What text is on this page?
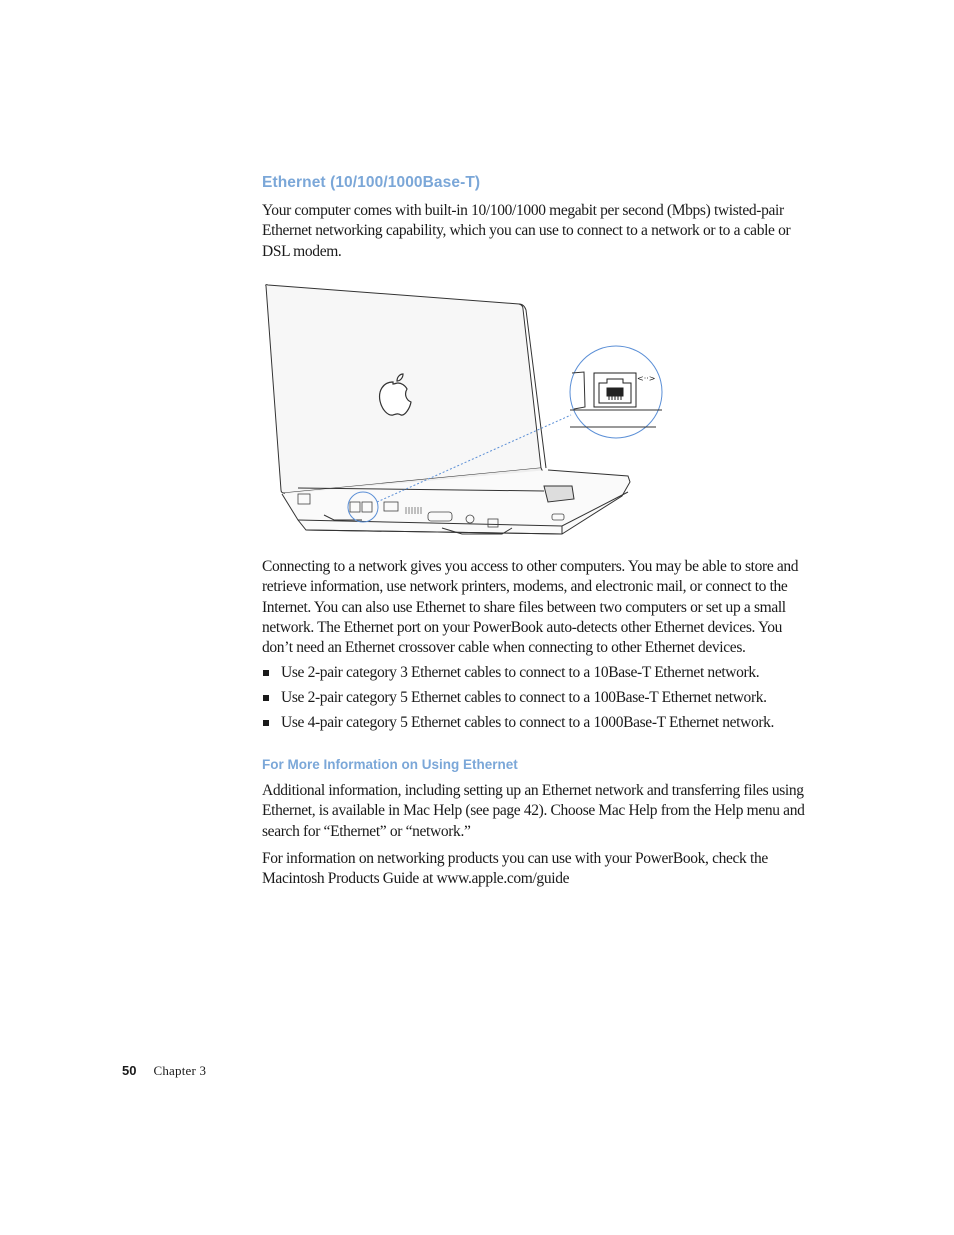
Ethernet (10/100/1000Base-T)

Your computer comes with built-in 10/100/1000 megabit per second (Mbps) twisted-pair Ethernet networking capability, which you can use to connect to a network or to a cable or DSL modem.

<··>

Connecting to a network gives you access to other computers. You may be able to store and retrieve information, use network printers, modems, and electronic mail, or connect to the Internet. You can also use Ethernet to share files between two computers or set up a small network. The Ethernet port on your PowerBook auto-detects other Ethernet devices. You don’t need an Ethernet crossover cable when connecting to other Ethernet devices.

Use 2-pair category 3 Ethernet cables to connect to a 10Base-T Ethernet network.
Use 2-pair category 5 Ethernet cables to connect to a 100Base-T Ethernet network.
Use 4-pair category 5 Ethernet cables to connect to a 1000Base-T Ethernet network.
For More Information on Using Ethernet

Additional information, including setting up an Ethernet network and transferring files using Ethernet, is available in Mac Help (see page 42). Choose Mac Help from the Help menu and search for “Ethernet” or “network.”

For information on networking products you can use with your PowerBook, check the Macintosh Products Guide at www.apple.com/guide

50 Chapter 3
